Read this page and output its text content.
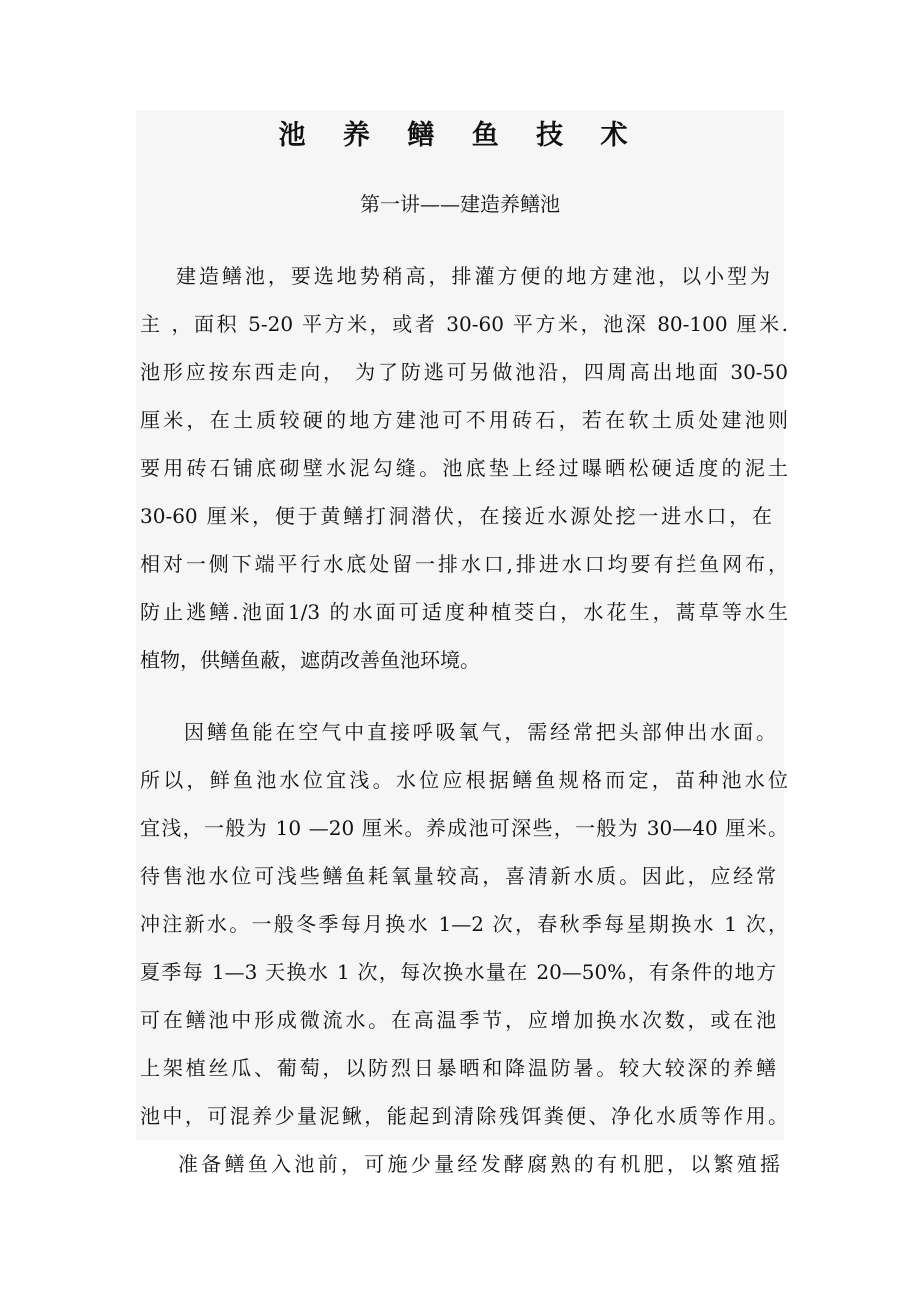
池 养 鳝 鱼 技 术
第一讲——建造养鳝池
建造鳝池，要选地势稍高，排灌方便的地方建池，以小型为
主 ，面积 5-20 平方米，或者 30-60 平方米，池深 80-100 厘米.
池形应按东西走向， 为了防逃可另做池沿，四周高出地面 30-50
厘米，在土质较硬的地方建池可不用砖石，若在软土质处建池则
要用砖石铺底砌壁水泥勾缝。池底垫上经过曝晒松硬适度的泥土
30-60 厘米，便于黄鳝打洞潜伏，在接近水源处挖一进水口，在
相对一侧下端平行水底处留一排水口,排进水口均要有拦鱼网布，
防止逃鳝.池面1/3 的水面可适度种植茭白，水花生，蒿草等水生
植物，供鳝鱼蔽，遮荫改善鱼池环境。
因鳝鱼能在空气中直接呼吸氧气，需经常把头部伸出水面。
所以，鲜鱼池水位宜浅。水位应根据鳝鱼规格而定，苗种池水位
宜浅，一般为 10 —20 厘米。养成池可深些，一般为 30—40 厘米。
待售池水位可浅些鳝鱼耗氧量较高，喜清新水质。因此，应经常
冲注新水。一般冬季每月换水 1—2 次，春秋季每星期换水 1 次，
夏季每 1—3 天换水 1 次，每次换水量在 20—50%，有条件的地方
可在鳝池中形成微流水。在高温季节，应增加换水次数，或在池
上架植丝瓜、葡萄，以防烈日暴晒和降温防暑。较大较深的养鳝
池中，可混养少量泥鳅，能起到清除残饵粪便、净化水质等作用。
准备鳝鱼入池前，可施少量经发酵腐熟的有机肥，以繁殖摇
